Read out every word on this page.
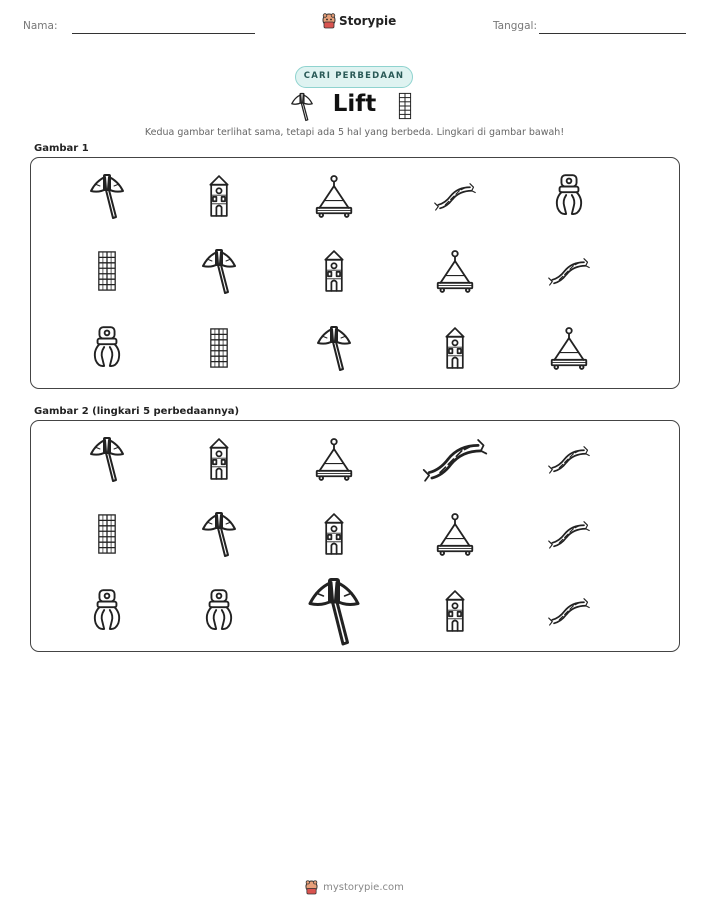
Nama:	Storypie	Tanggal:
CARI PERBEDAAN
Lift
Kedua gambar terlihat sama, tetapi ada 5 hal yang berbeda. Lingkari di gambar bawah!
Gambar 1
Gambar 2 (lingkari 5 perbedaannya)
mystorypie.com
